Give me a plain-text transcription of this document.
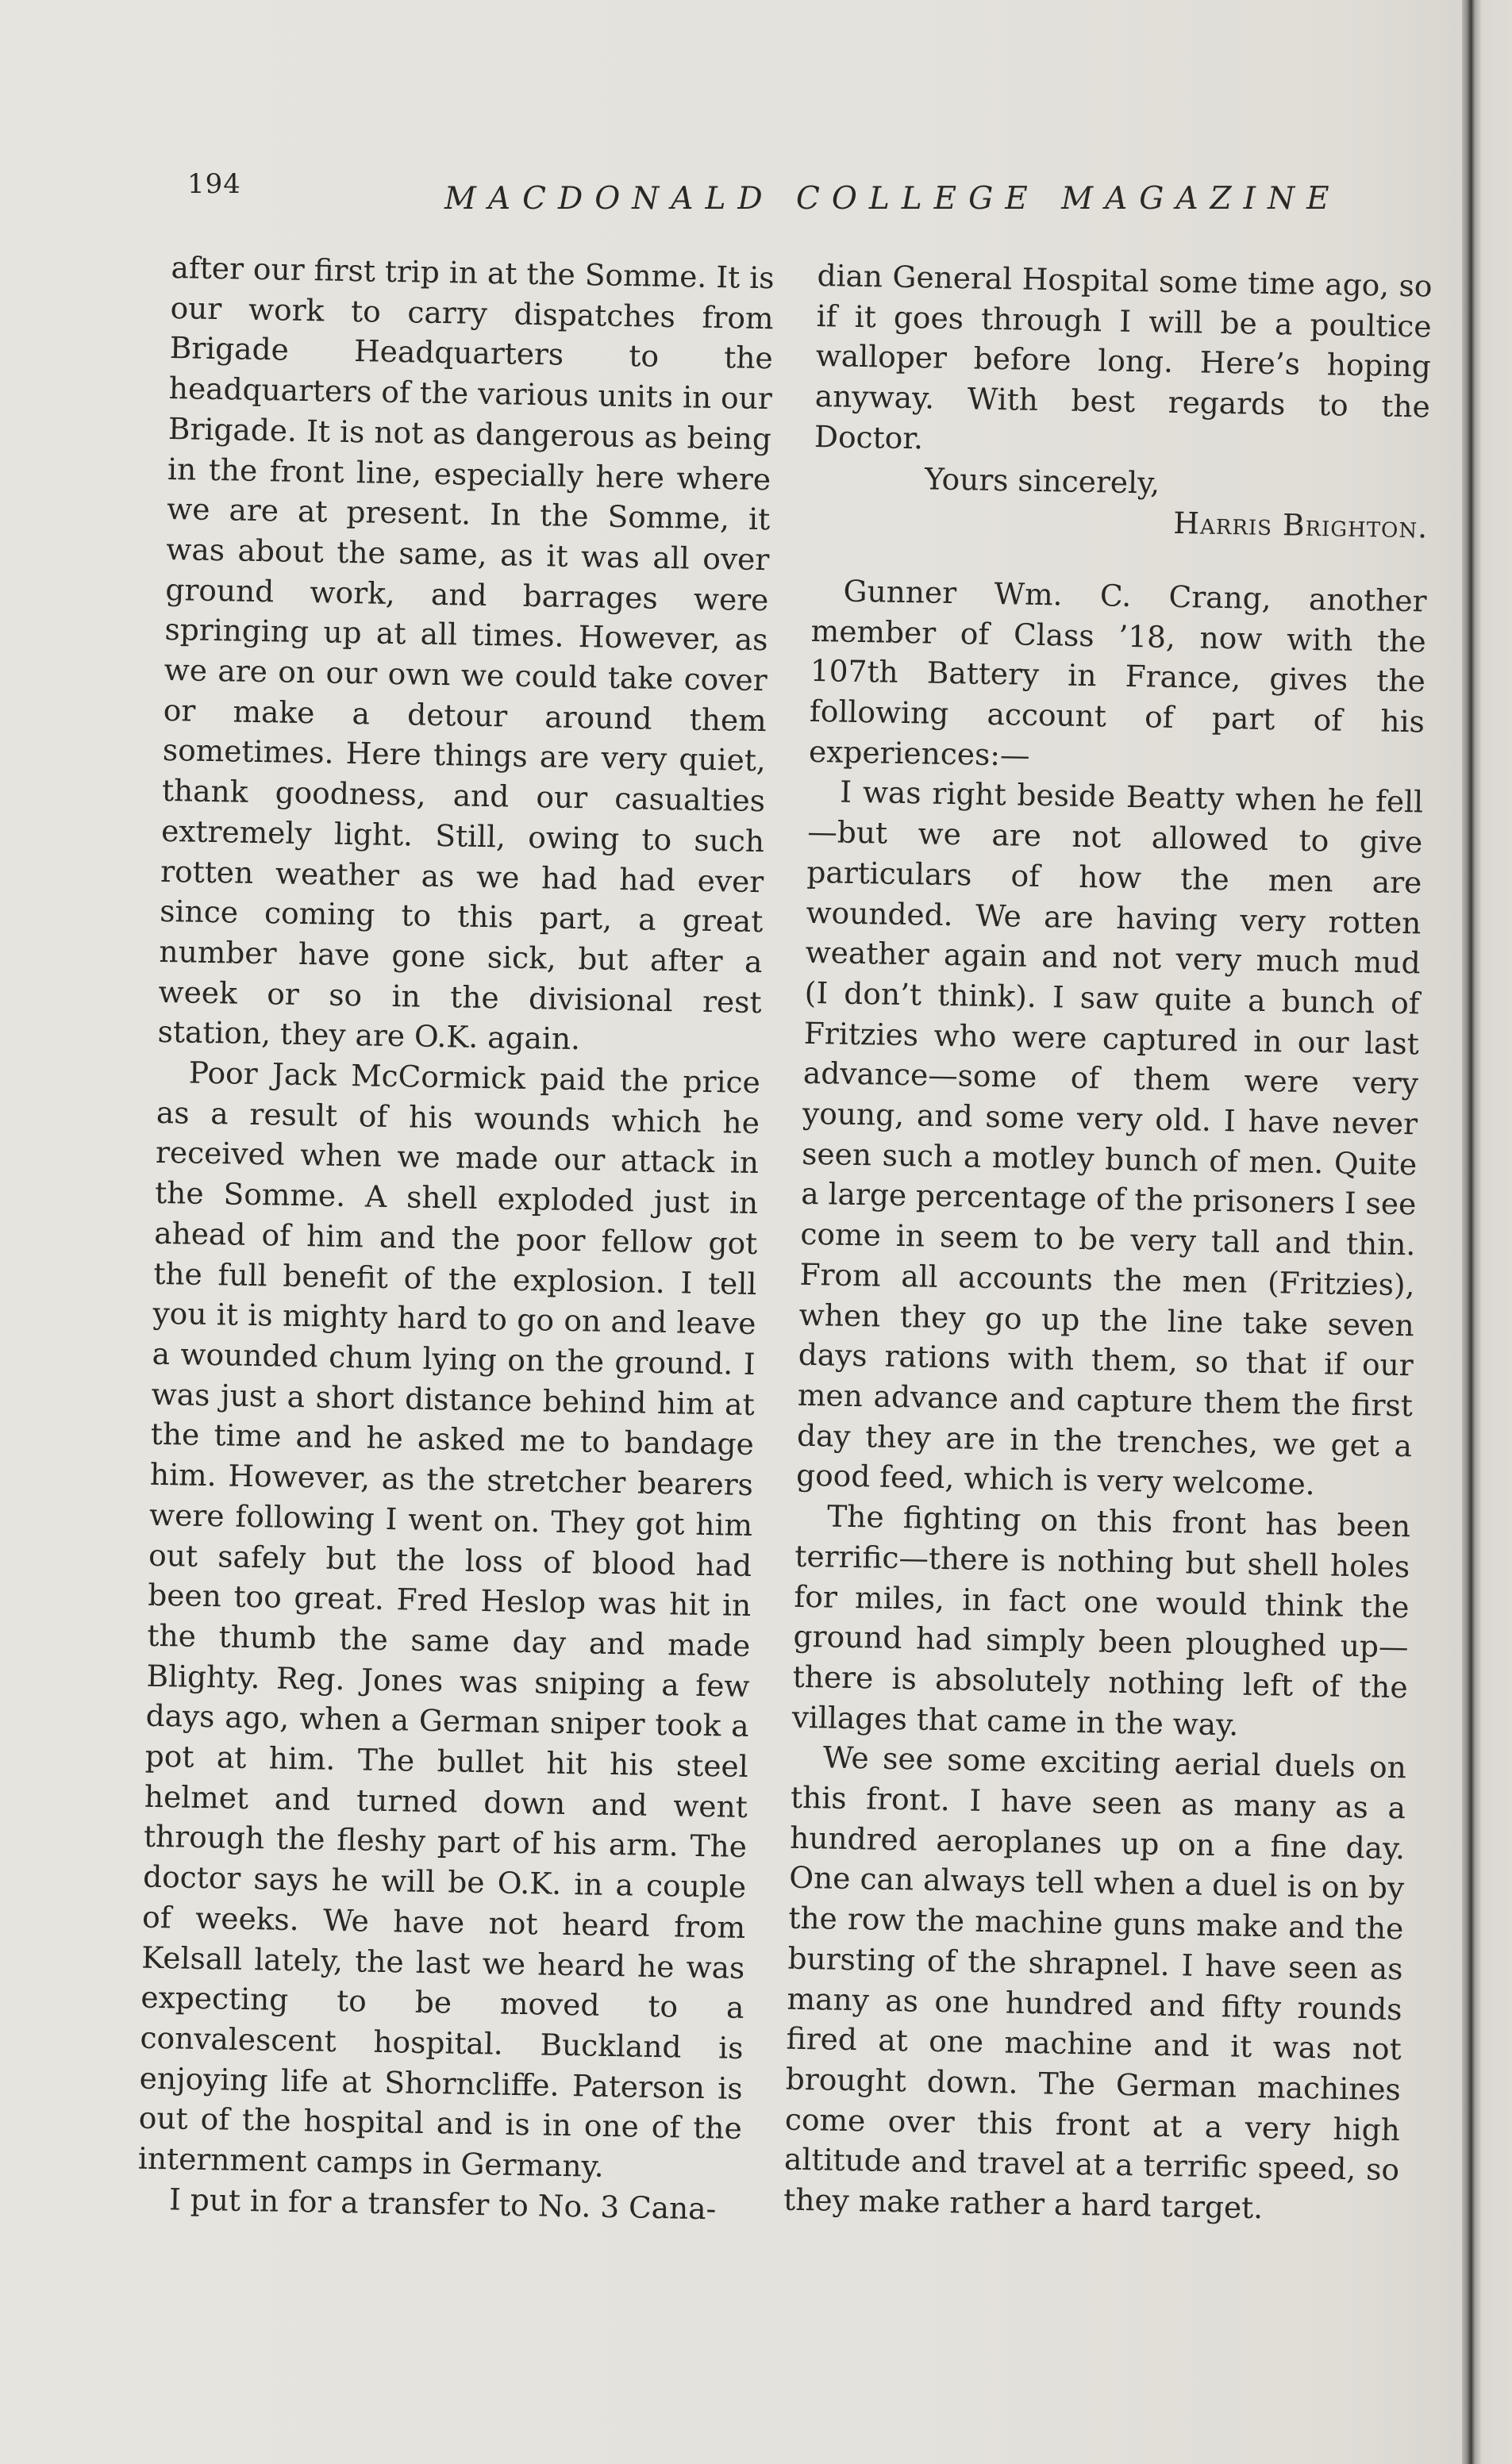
194	MACDONALD COLLEGE MAGAZINE

after our first trip in at the Somme. It is our work to carry dispatches from Brigade Headquarters to the headquarters of the various units in our Brigade. It is not as dangerous as being in the front line, especially here where we are at present. In the Somme, it was about the same, as it was all over ground work, and barrages were springing up at all times. However, as we are on our own we could take cover or make a detour around them sometimes. Here things are very quiet, thank goodness, and our casualties extremely light. Still, owing to such rotten weather as we had had ever since coming to this part, a great number have gone sick, but after a week or so in the divisional rest station, they are O.K. again.

Poor Jack McCormick paid the price as a result of his wounds which he received when we made our attack in the Somme. A shell exploded just in ahead of him and the poor fellow got the full benefit of the explosion. I tell you it is mighty hard to go on and leave a wounded chum lying on the ground. I was just a short distance behind him at the time and he asked me to bandage him. However, as the stretcher bearers were following I went on. They got him out safely but the loss of blood had been too great. Fred Heslop was hit in the thumb the same day and made Blighty. Reg. Jones was sniping a few days ago, when a German sniper took a pot at him. The bullet hit his steel helmet and turned down and went through the fleshy part of his arm. The doctor says he will be O.K. in a couple of weeks. We have not heard from Kelsall lately, the last we heard he was expecting to be moved to a convalescent hospital. Buckland is enjoying life at Shorncliffe. Paterson is out of the hospital and is in one of the internment camps in Germany.

I put in for a transfer to No. 3 Cana-

dian General Hospital some time ago, so if it goes through I will be a poultice walloper before long. Here’s hoping anyway. With best regards to the Doctor.

Yours sincerely,

Harris Brighton.

Gunner Wm. C. Crang, another member of Class ’18, now with the 107th Battery in France, gives the following account of part of his experiences:—

I was right beside Beatty when he fell—but we are not allowed to give particulars of how the men are wounded. We are having very rotten weather again and not very much mud (I don’t think). I saw quite a bunch of Fritzies who were captured in our last advance—some of them were very young, and some very old. I have never seen such a motley bunch of men. Quite a large percentage of the prisoners I see come in seem to be very tall and thin. From all accounts the men (Fritzies), when they go up the line take seven days rations with them, so that if our men advance and capture them the first day they are in the trenches, we get a good feed, which is very welcome.

The fighting on this front has been terrific—there is nothing but shell holes for miles, in fact one would think the ground had simply been ploughed up—there is absolutely nothing left of the villages that came in the way.

We see some exciting aerial duels on this front. I have seen as many as a hundred aeroplanes up on a fine day. One can always tell when a duel is on by the row the machine guns make and the bursting of the shrapnel. I have seen as many as one hundred and fifty rounds fired at one machine and it was not brought down. The German machines come over this front at a very high altitude and travel at a terrific speed, so they make rather a hard target.
